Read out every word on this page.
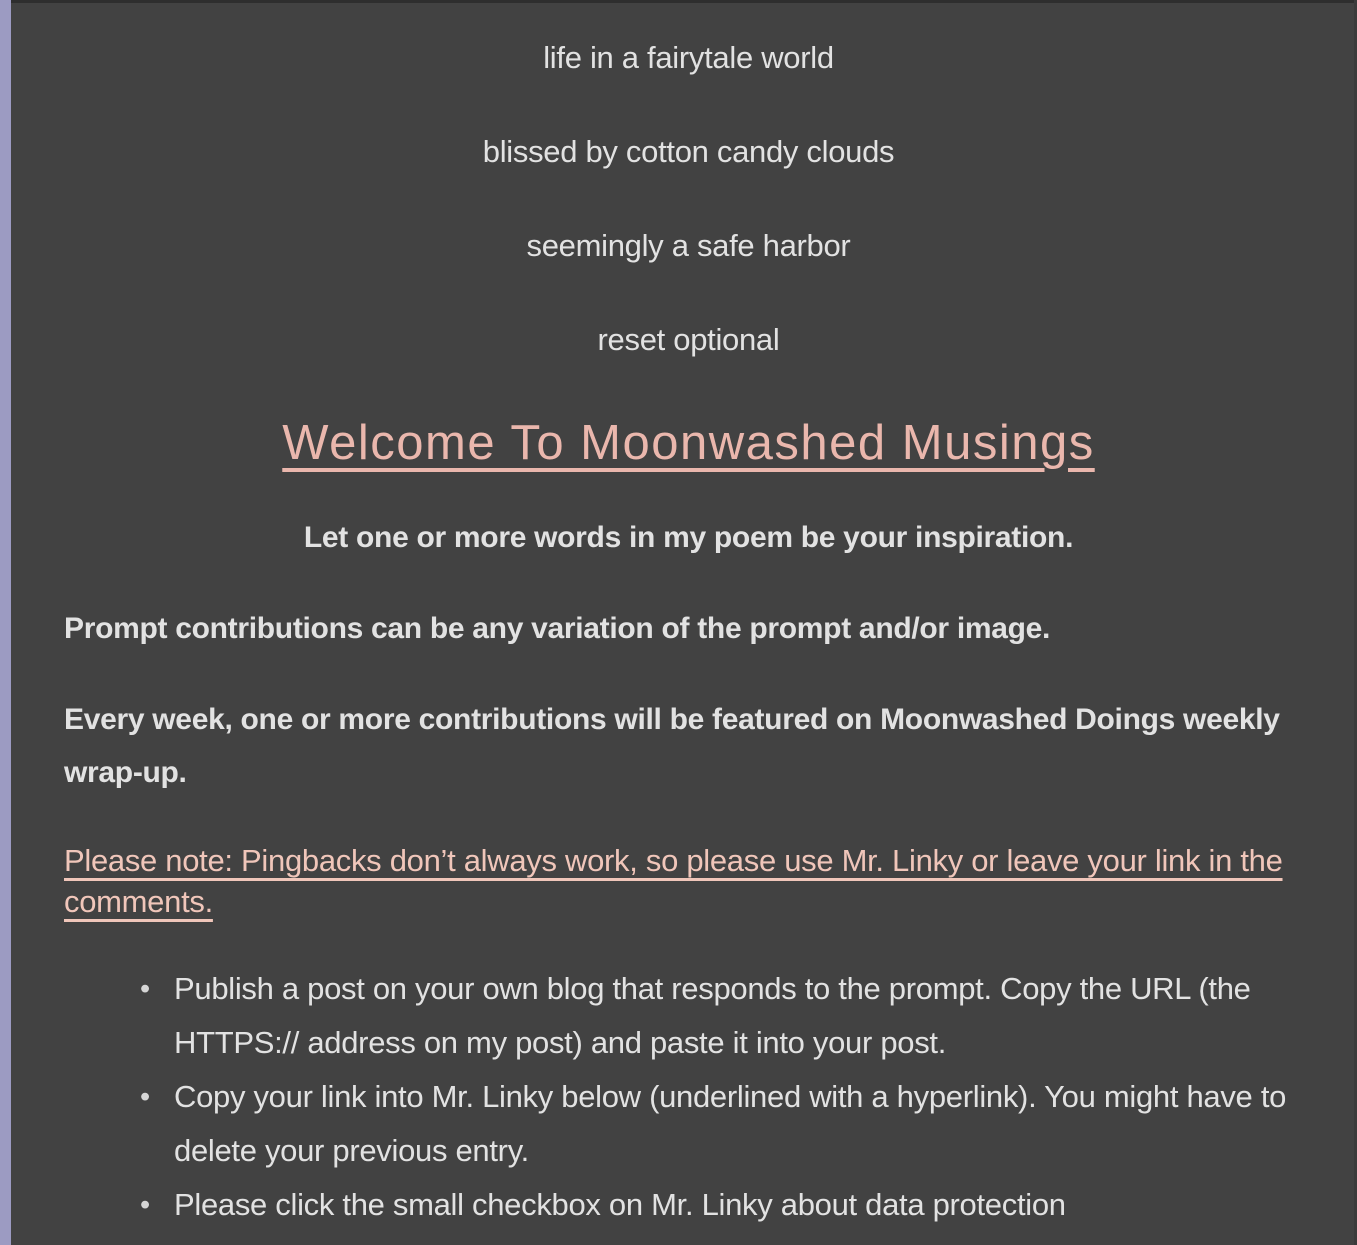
life in a fairytale world

blissed by cotton candy clouds

seemingly a safe harbor

reset optional

Welcome To Moonwashed Musings

Let one or more words in my poem be your inspiration.

Prompt contributions can be any variation of the prompt and/or image.

Every week, one or more contributions will be featured on Moonwashed Doings weekly wrap-up.

Please note: Pingbacks don’t always work, so please use Mr. Linky or leave your link in the comments.

• Publish a post on your own blog that responds to the prompt. Copy the URL (the HTTPS:// address on my post) and paste it into your post.
• Copy your link into Mr. Linky below (underlined with a hyperlink). You might have to delete your previous entry.
• Please click the small checkbox on Mr. Linky about data protection
